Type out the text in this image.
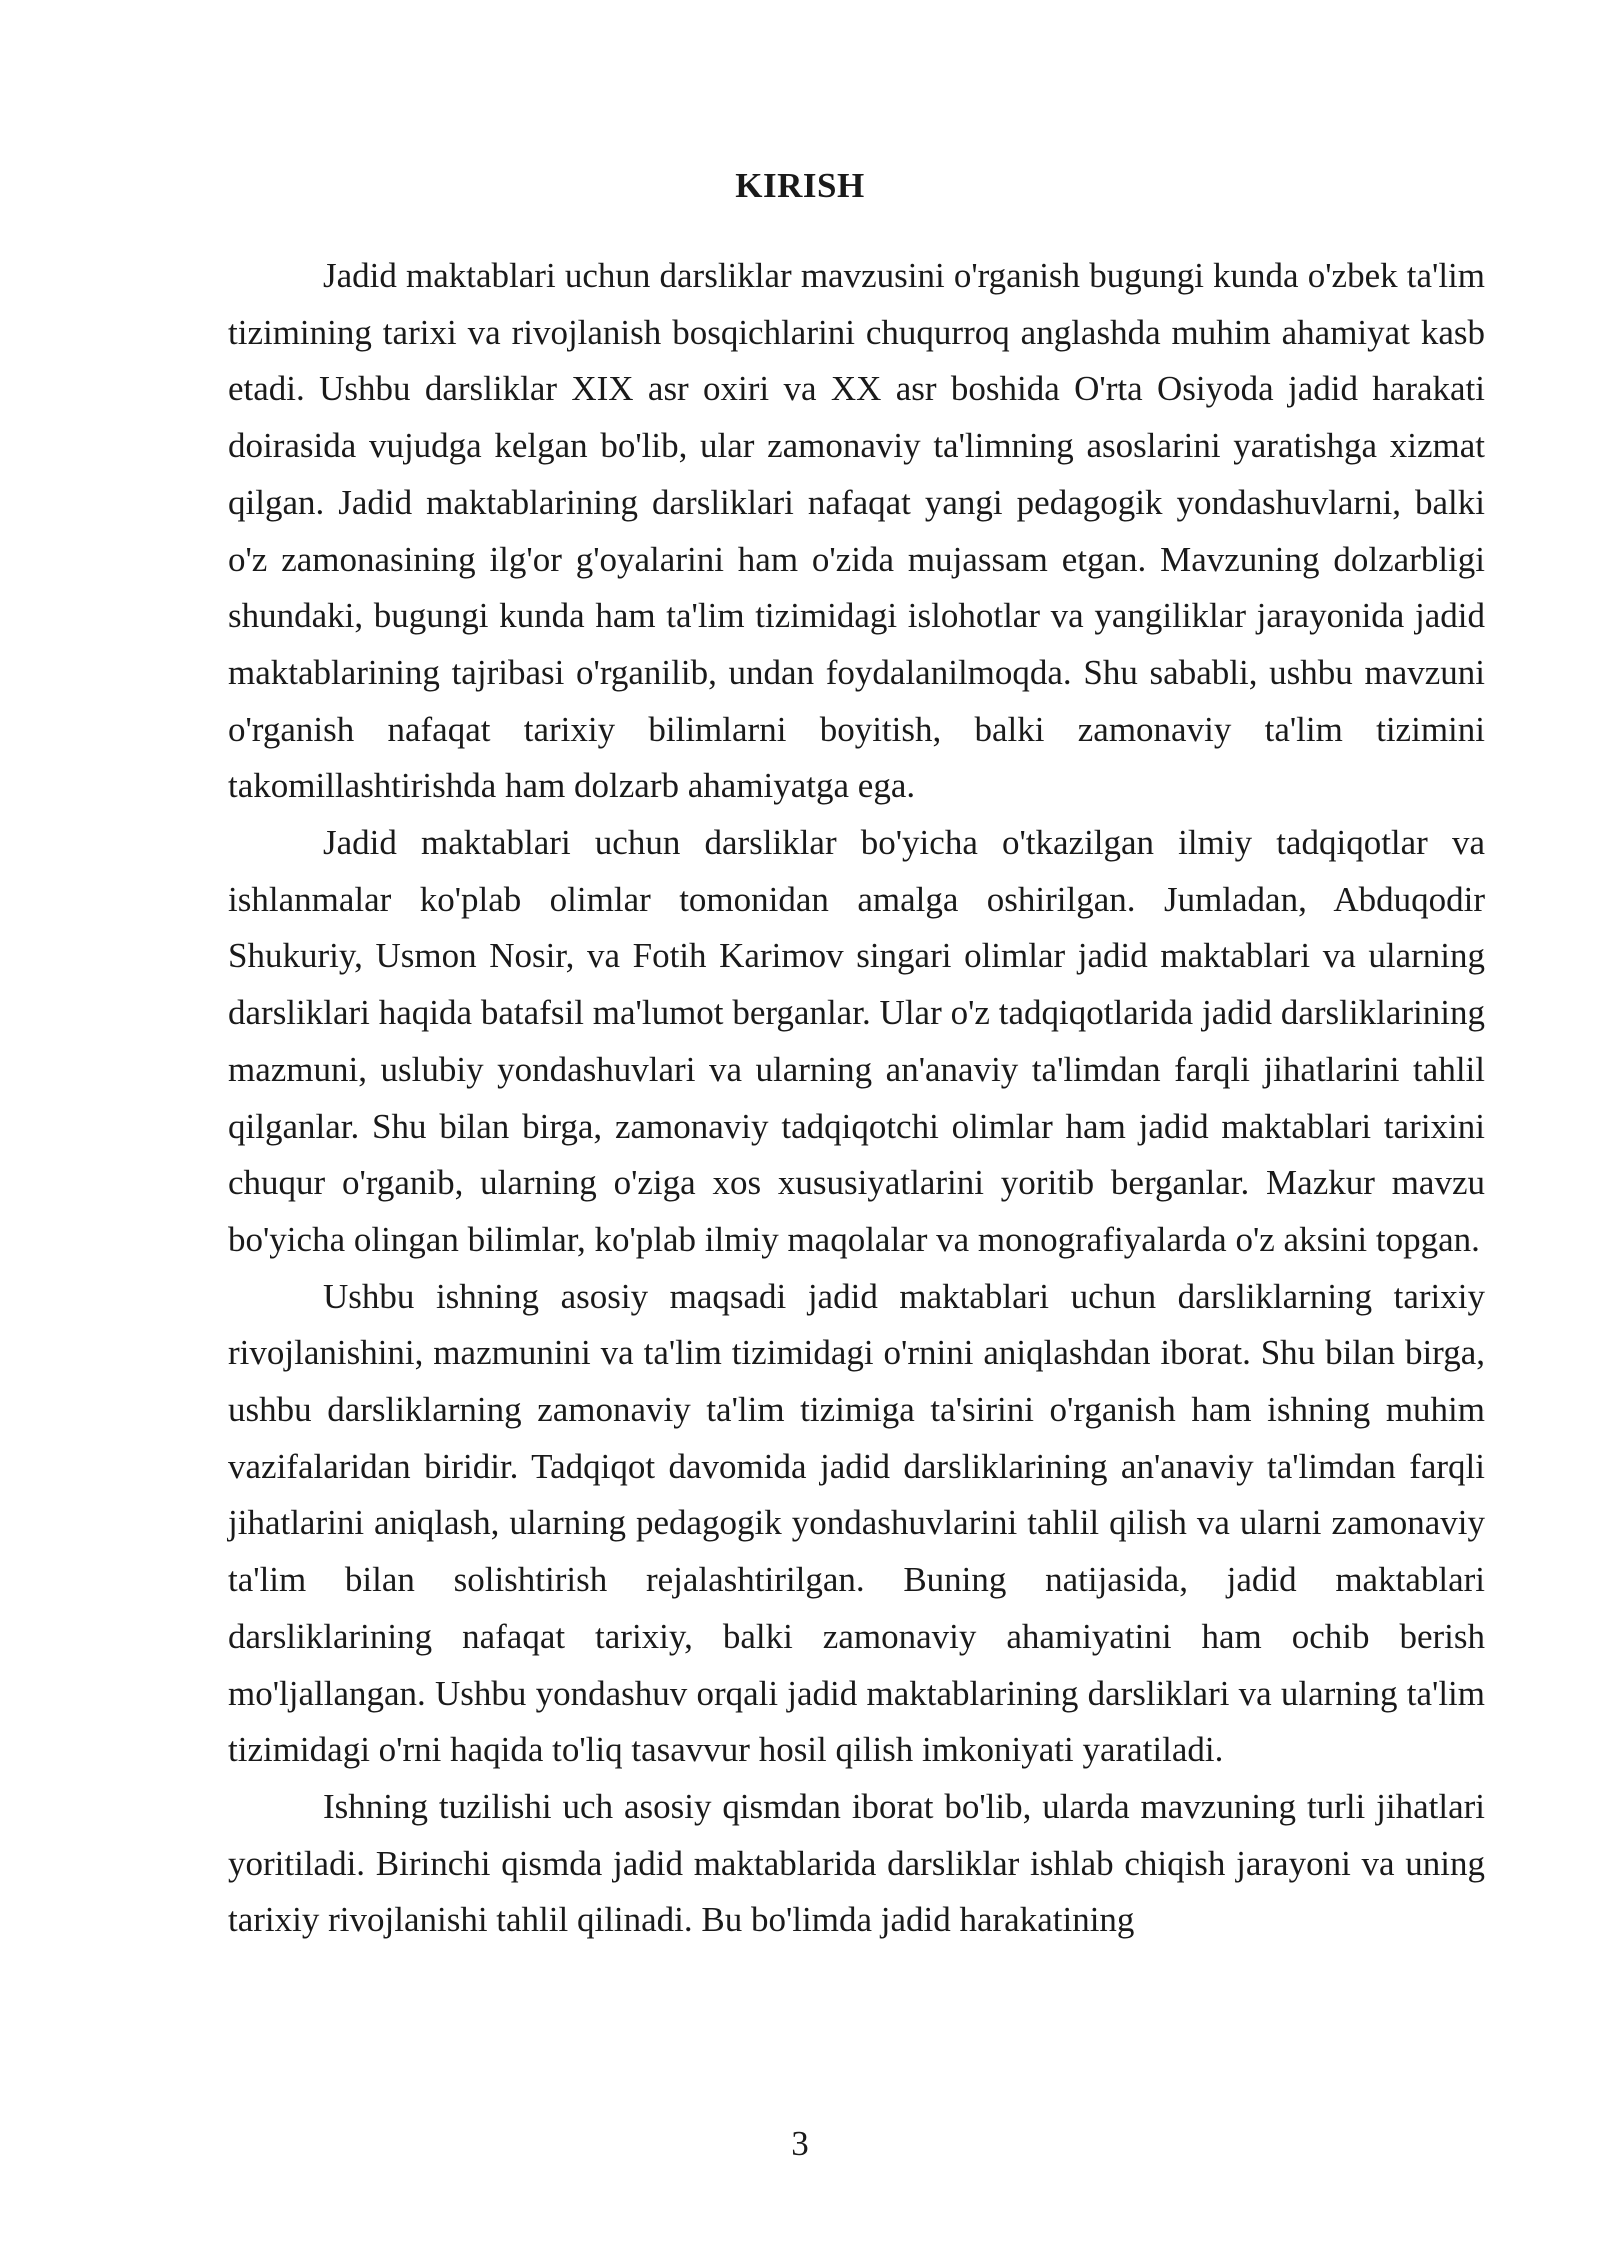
KIRISH

Jadid maktablari uchun darsliklar mavzusini o'rganish bugungi kunda o'zbek ta'lim tizimining tarixi va rivojlanish bosqichlarini chuqurroq anglashda muhim ahamiyat kasb etadi. Ushbu darsliklar XIX asr oxiri va XX asr boshida O'rta Osiyoda jadid harakati doirasida vujudga kelgan bo'lib, ular zamonaviy ta'limning asoslarini yaratishga xizmat qilgan. Jadid maktablarining darsliklari nafaqat yangi pedagogik yondashuvlarni, balki o'z zamonasining ilg'or g'oyalarini ham o'zida mujassam etgan. Mavzuning dolzarbligi shundaki, bugungi kunda ham ta'lim tizimidagi islohotlar va yangiliklar jarayonida jadid maktablarining tajribasi o'rganilib, undan foydalanilmoqda. Shu sababli, ushbu mavzuni o'rganish nafaqat tarixiy bilimlarni boyitish, balki zamonaviy ta'lim tizimini takomillashtirishda ham dolzarb ahamiyatga ega.

Jadid maktablari uchun darsliklar bo'yicha o'tkazilgan ilmiy tadqiqotlar va ishlanmalar ko'plab olimlar tomonidan amalga oshirilgan. Jumladan, Abduqodir Shukuriy, Usmon Nosir, va Fotih Karimov singari olimlar jadid maktablari va ularning darsliklari haqida batafsil ma'lumot berganlar. Ular o'z tadqiqotlarida jadid darsliklarining mazmuni, uslubiy yondashuvlari va ularning an'anaviy ta'limdan farqli jihatlarini tahlil qilganlar. Shu bilan birga, zamonaviy tadqiqotchi olimlar ham jadid maktablari tarixini chuqur o'rganib, ularning o'ziga xos xususiyatlarini yoritib berganlar. Mazkur mavzu bo'yicha olingan bilimlar, ko'plab ilmiy maqolalar va monografiyalarda o'z aksini topgan.

Ushbu ishning asosiy maqsadi jadid maktablari uchun darsliklarning tarixiy rivojlanishini, mazmunini va ta'lim tizimidagi o'rnini aniqlashdan iborat. Shu bilan birga, ushbu darsliklarning zamonaviy ta'lim tizimiga ta'sirini o'rganish ham ishning muhim vazifalaridan biridir. Tadqiqot davomida jadid darsliklarining an'anaviy ta'limdan farqli jihatlarini aniqlash, ularning pedagogik yondashuvlarini tahlil qilish va ularni zamonaviy ta'lim bilan solishtirish rejalashtirilgan. Buning natijasida, jadid maktablari darsliklarining nafaqat tarixiy, balki zamonaviy ahamiyatini ham ochib berish mo'ljallangan. Ushbu yondashuv orqali jadid maktablarining darsliklari va ularning ta'lim tizimidagi o'rni haqida to'liq tasavvur hosil qilish imkoniyati yaratiladi.

Ishning tuzilishi uch asosiy qismdan iborat bo'lib, ularda mavzuning turli jihatlari yoritiladi. Birinchi qismda jadid maktablarida darsliklar ishlab chiqish jarayoni va uning tarixiy rivojlanishi tahlil qilinadi. Bu bo'limda jadid harakatining

3
